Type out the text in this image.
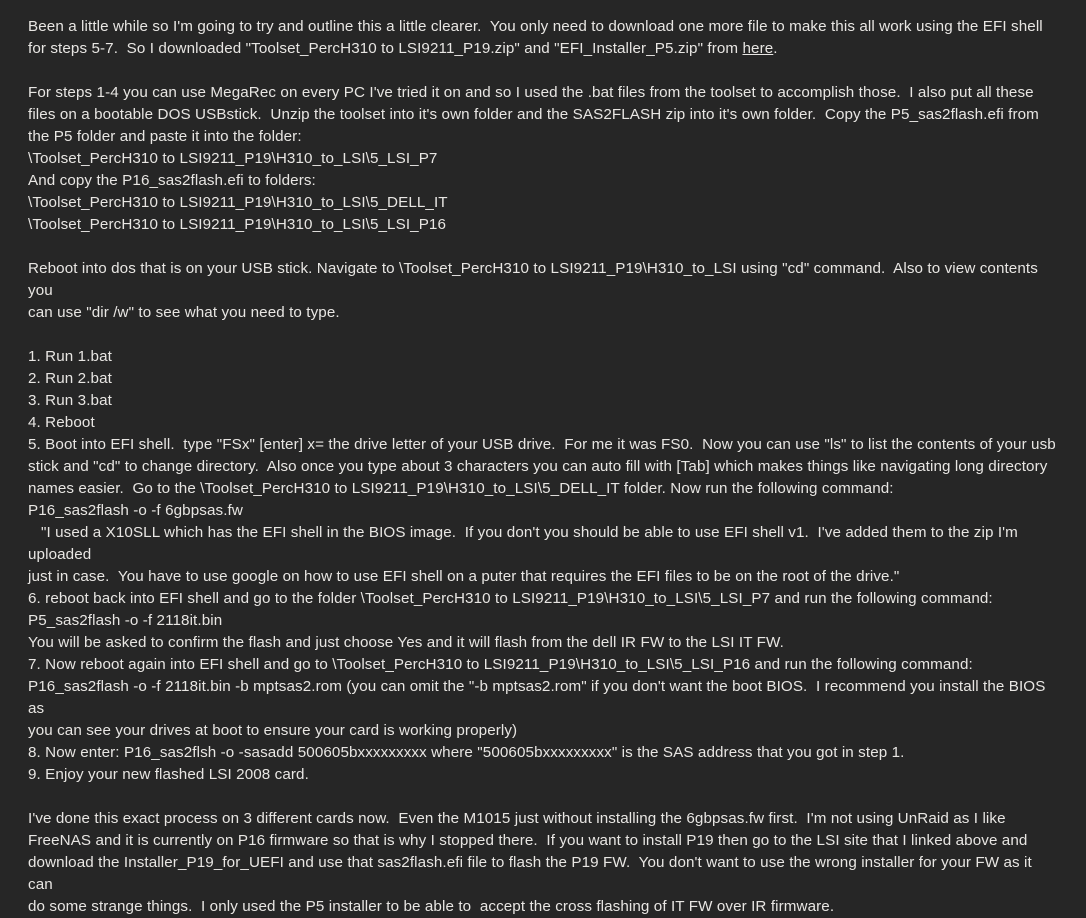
Been a little while so I'm going to try and outline this a little clearer.  You only need to download one more file to make this all work using the EFI shell
for steps 5-7.  So I downloaded "Toolset_PercH310 to LSI9211_P19.zip" and "EFI_Installer_P5.zip" from here.

For steps 1-4 you can use MegaRec on every PC I've tried it on and so I used the .bat files from the toolset to accomplish those.  I also put all these
files on a bootable DOS USBstick.  Unzip the toolset into it's own folder and the SAS2FLASH zip into it's own folder.  Copy the P5_sas2flash.efi from
the P5 folder and paste it into the folder:
\Toolset_PercH310 to LSI9211_P19\H310_to_LSI\5_LSI_P7
And copy the P16_sas2flash.efi to folders:
\Toolset_PercH310 to LSI9211_P19\H310_to_LSI\5_DELL_IT
\Toolset_PercH310 to LSI9211_P19\H310_to_LSI\5_LSI_P16

Reboot into dos that is on your USB stick. Navigate to \Toolset_PercH310 to LSI9211_P19\H310_to_LSI using "cd" command.  Also to view contents you
can use "dir /w" to see what you need to type.

1. Run 1.bat
2. Run 2.bat
3. Run 3.bat
4. Reboot
5. Boot into EFI shell.  type "FSx" [enter] x= the drive letter of your USB drive.  For me it was FS0.  Now you can use "ls" to list the contents of your usb
stick and "cd" to change directory.  Also once you type about 3 characters you can auto fill with [Tab] which makes things like navigating long directory
names easier.  Go to the \Toolset_PercH310 to LSI9211_P19\H310_to_LSI\5_DELL_IT folder. Now run the following command:
P16_sas2flash -o -f 6gbpsas.fw
"I used a X10SLL which has the EFI shell in the BIOS image.  If you don't you should be able to use EFI shell v1.  I've added them to the zip I'm uploaded
just in case.  You have to use google on how to use EFI shell on a puter that requires the EFI files to be on the root of the drive."
6. reboot back into EFI shell and go to the folder \Toolset_PercH310 to LSI9211_P19\H310_to_LSI\5_LSI_P7 and run the following command:
P5_sas2flash -o -f 2118it.bin
You will be asked to confirm the flash and just choose Yes and it will flash from the dell IR FW to the LSI IT FW.
7. Now reboot again into EFI shell and go to \Toolset_PercH310 to LSI9211_P19\H310_to_LSI\5_LSI_P16 and run the following command:
P16_sas2flash -o -f 2118it.bin -b mptsas2.rom (you can omit the "-b mptsas2.rom" if you don't want the boot BIOS.  I recommend you install the BIOS as
you can see your drives at boot to ensure your card is working properly)
8. Now enter: P16_sas2flsh -o -sasadd 500605bxxxxxxxxx where "500605bxxxxxxxxx" is the SAS address that you got in step 1.
9. Enjoy your new flashed LSI 2008 card.

I've done this exact process on 3 different cards now.  Even the M1015 just without installing the 6gbpsas.fw first.  I'm not using UnRaid as I like
FreeNAS and it is currently on P16 firmware so that is why I stopped there.  If you want to install P19 then go to the LSI site that I linked above and
download the Installer_P19_for_UEFI and use that sas2flash.efi file to flash the P19 FW.  You don't want to use the wrong installer for your FW as it can
do some strange things.  I only used the P5 installer to be able to  accept the cross flashing of IT FW over IR firmware.
